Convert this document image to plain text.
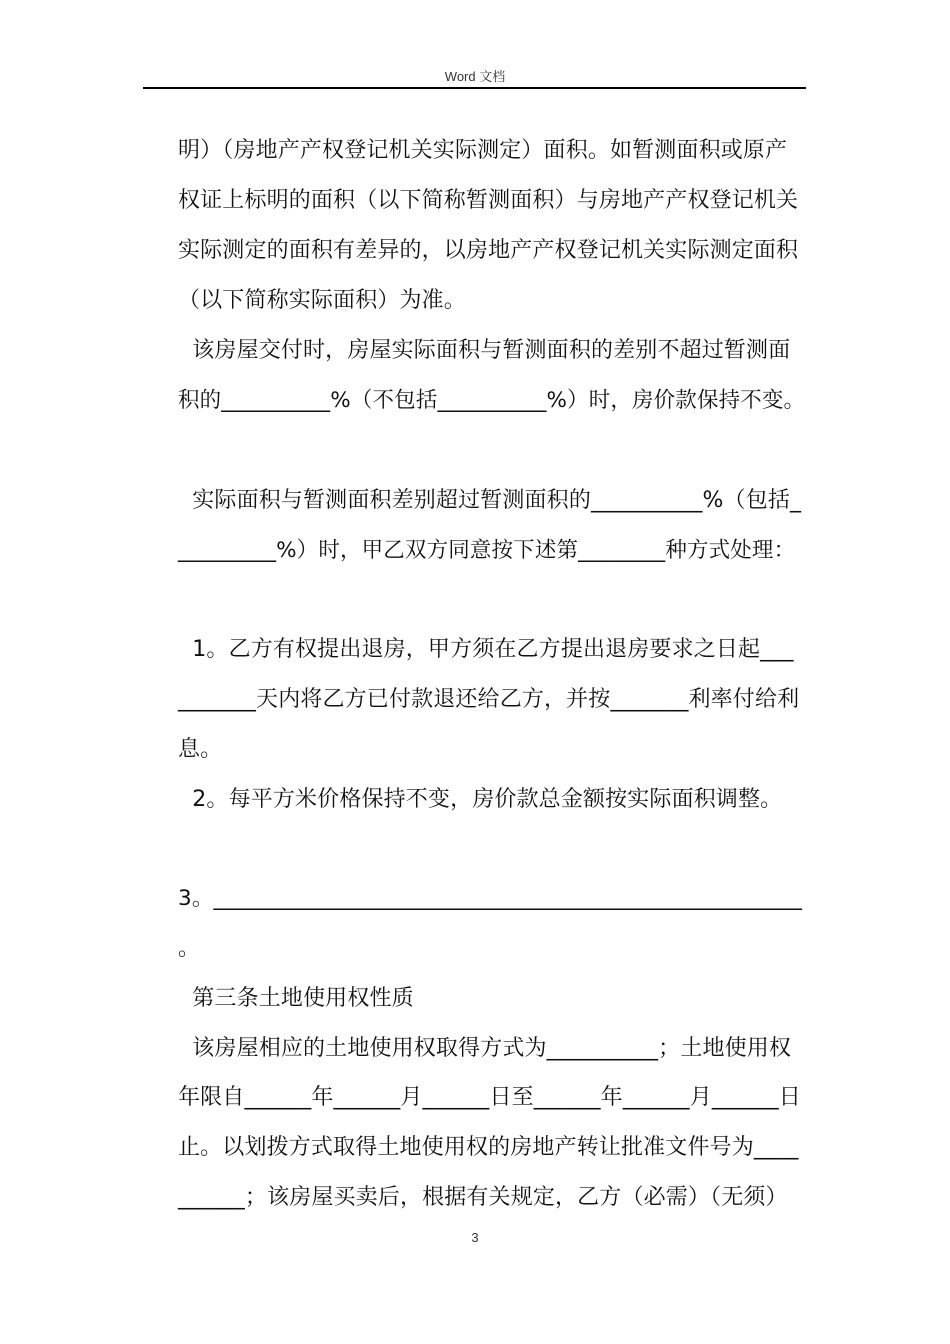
Word 文档
明）（房地产产权登记机关实际测定）面积。如暂测面积或原产
权证上标明的面积（以下简称暂测面积）与房地产产权登记机关
实际测定的面积有差异的，以房地产产权登记机关实际测定面积
（以下简称实际面积）为准。
该房屋交付时，房屋实际面积与暂测面积的差别不超过暂测面
积的__________%（不包括__________%）时，房价款保持不变。
实际面积与暂测面积差别超过暂测面积的__________%（包括_
_________%）时，甲乙双方同意按下述第________种方式处理：
1。乙方有权提出退房，甲方须在乙方提出退房要求之日起___
_______天内将乙方已付款退还给乙方，并按_______利率付给利
息。
2。每平方米价格保持不变，房价款总金额按实际面积调整。
3。______________________________________________________
。
第三条土地使用权性质
该房屋相应的土地使用权取得方式为__________；土地使用权
年限自______年______月______日至______年______月______日
止。以划拨方式取得土地使用权的房地产转让批准文件号为____
______；该房屋买卖后，根据有关规定，乙方（必需）（无须）
3
